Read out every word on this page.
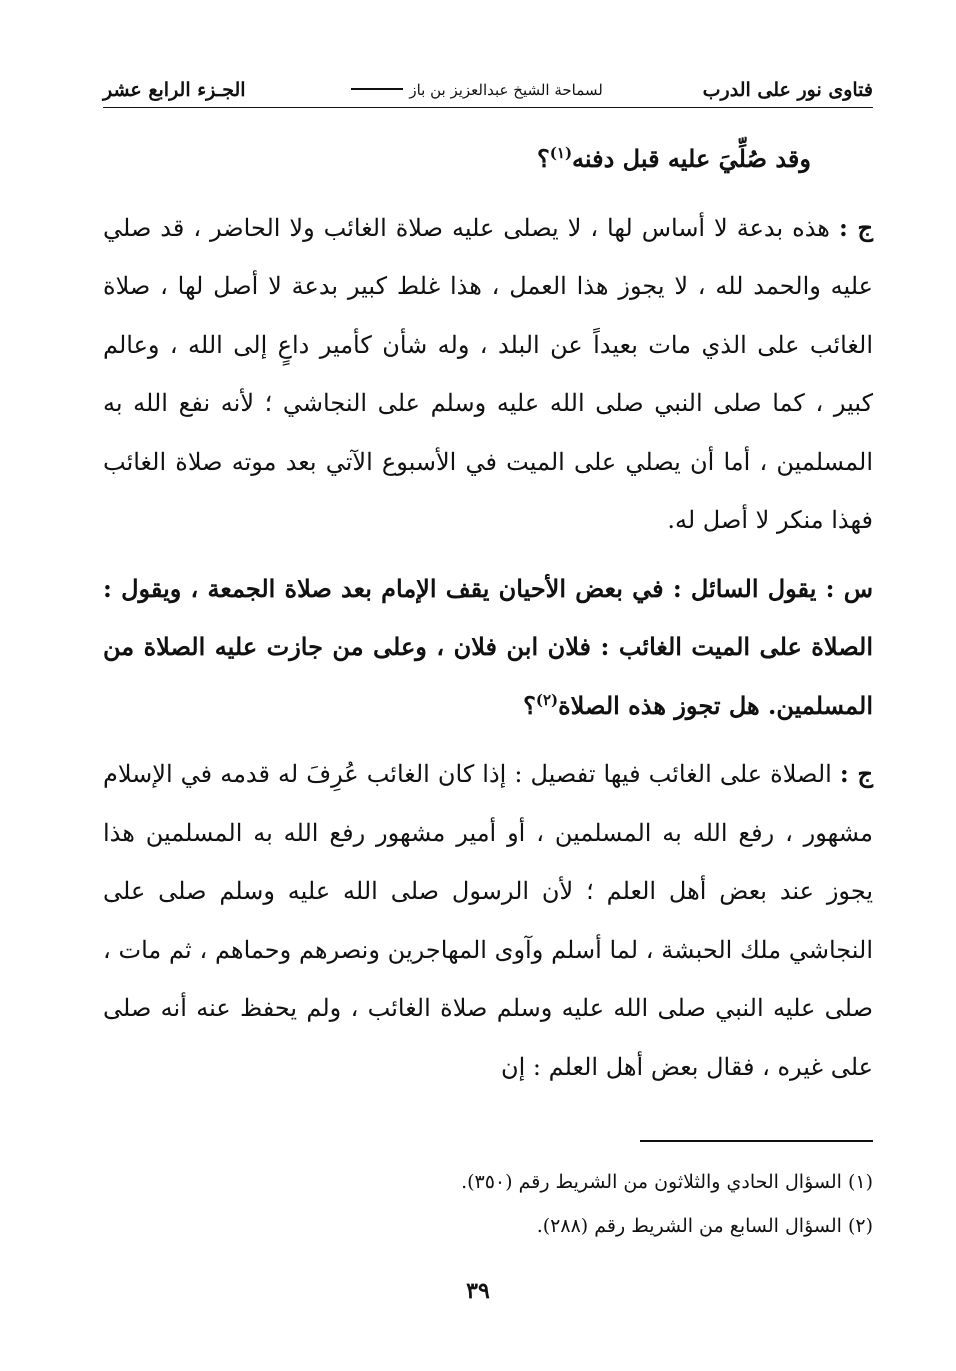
فتاوى نور على الدرب
لسماحة الشيخ عبدالعزيز بن باز
الجـزء الرابع عشر

وقد صُلِّيَ عليه قبل دفنه$^{(١)}$؟

ج : هذه بدعة لا أساس لها ، لا يصلى عليه صلاة الغائب ولا الحاضر ، قد صلي عليه والحمد لله ، لا يجوز هذا العمل ، هذا غلط كبير بدعة لا أصل لها ، صلاة الغائب على الذي مات بعيداً عن البلد ، وله شأن كأمير داعٍ إلى الله ، وعالم كبير ، كما صلى النبي صلى الله عليه وسلم على النجاشي ؛ لأنه نفع الله به المسلمين ، أما أن يصلي على الميت في الأسبوع الآتي بعد موته صلاة الغائب فهذا منكر لا أصل له.

س : يقول السائل : في بعض الأحيان يقف الإمام بعد صلاة الجمعة ، ويقول : الصلاة على الميت الغائب : فلان ابن فلان ، وعلى من جازت عليه الصلاة من المسلمين. هل تجوز هذه الصلاة$^{(٢)}$؟

ج : الصلاة على الغائب فيها تفصيل : إذا كان الغائب عُرِفَ له قدمه في الإسلام مشهور ، رفع الله به المسلمين ، أو أمير مشهور رفع الله به المسلمين هذا يجوز عند بعض أهل العلم ؛ لأن الرسول صلى الله عليه وسلم صلى على النجاشي ملك الحبشة ، لما أسلم وآوى المهاجرين ونصرهم وحماهم ، ثم مات ، صلى عليه النبي صلى الله عليه وسلم صلاة الغائب ، ولم يحفظ عنه أنه صلى على غيره ، فقال بعض أهل العلم : إن

(١) السؤال الحادي والثلاثون من الشريط رقم (٣٥٠).
(٢) السؤال السابع من الشريط رقم (٢٨٨).
٣٩
